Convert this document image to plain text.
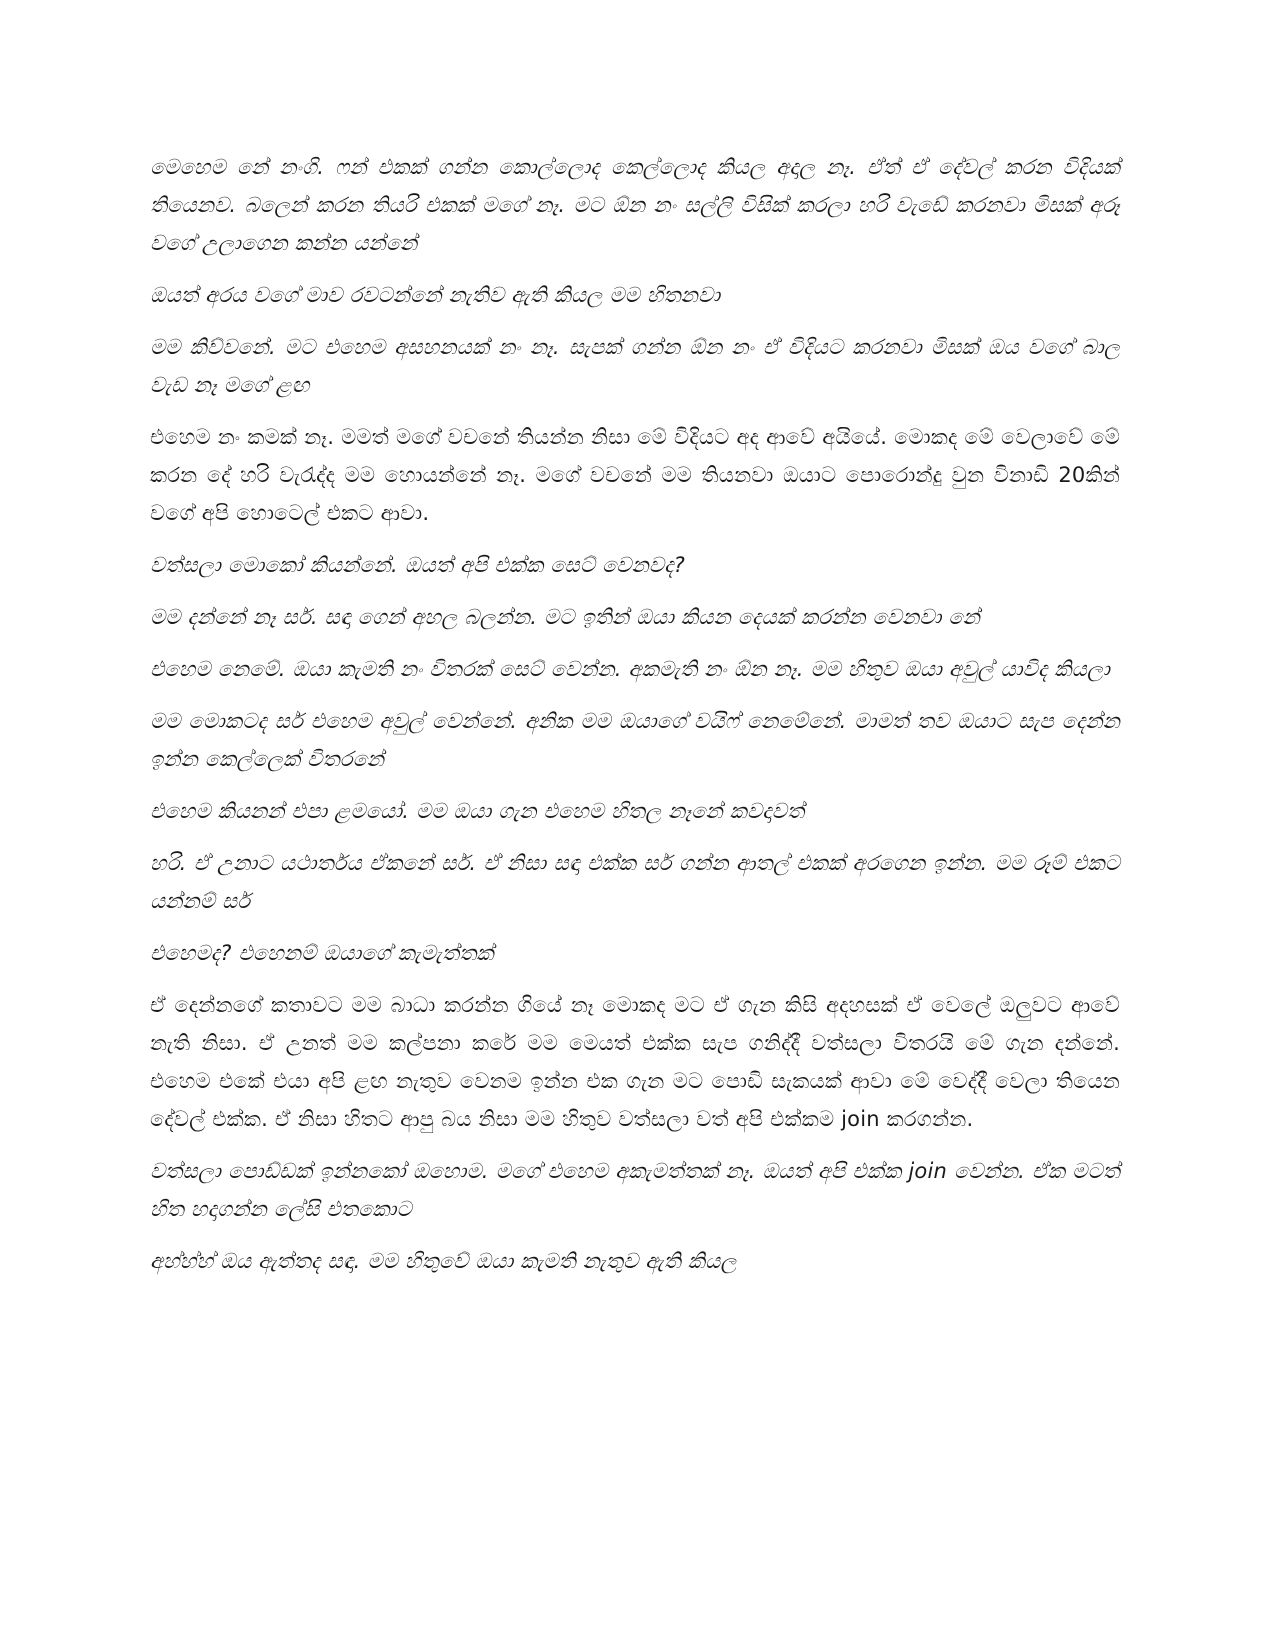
මෙහෙම නේ නංගි. ෆන් එකක් ගන්න කොල්ලොද කෙල්ලොද කියල අදාල නෑ. ඒත් ඒ දේවල් කරන විදියක් තියෙනව. බලෙන් කරන තියරි එකක් මගේ නෑ. මට ඕන නං සල්ලි විසික් කරලා හරි වැඩේ කරනවා මිසක් අරූ වගේ උලාගෙන කන්න යන්නේ

ඔයත් අරය වගේ මාව රවටන්නේ නැතිව ඇති කියල මම හිතනවා

මම කිව්වනේ. මට එහෙම අසහනයක් නං නෑ. සැපක් ගන්න ඕන නං ඒ විදියට කරනවා මිසක් ඔය වගේ බාල වැඩ නෑ මගේ ළඟ

එහෙම නං කමක් නෑ. මමත් මගේ වචනේ තියන්න නිසා මේ විදියට අද ආවේ අයියේ. මොකද මේ වෙලාවේ මේ කරන දේ හරි වැරැද්ද මම හොයන්නේ නෑ. මගේ වචනේ මම තියනවා ඔයාට පොරොන්දු වුන විනාඩි 20කින් වගේ අපි හොටෙල් එකට ආවා.

වත්සලා මොකෝ කියන්නේ. ඔයත් අපි එක්ක සෙට් වෙනවද?

මම දන්නේ නෑ සර්. සඳා ගෙන් අහල බලන්න. මට ඉතින් ඔයා කියන දෙයක් කරන්න වෙනවා නේ

එහෙම නෙමේ. ඔයා කැමති නං විතරක් සෙට් වෙන්න. අකමැති නං ඕන නෑ. මම හිතුව ඔයා අවුල් යාවිද කියලා

මම මොකටද සර් එහෙම අවුල් වෙන්නේ. අනික මම ඔයාගේ වයිෆ් නෙමේනේ. මාමත් තව ඔයාට සැප දෙන්න ඉන්න කෙල්ලෙක් විතරනේ

එහෙම කියනන් එපා ළමයෝ. මම ඔයා ගැන එහෙම හිතල නෑනේ කවදාවත්

හරි. ඒ උනාට යථාර්තය ඒකනේ සර්. ඒ නිසා සඳා එක්ක සර් ගන්න ආතල් එකක් අරගෙන ඉන්න. මම රූම් එකට යන්නම් සර්

එහෙමද? එහෙනම් ඔයාගේ කැමැත්තක්

ඒ දෙන්නගේ කතාවට මම බාධා කරන්න ගියේ නෑ මොකද මට ඒ ගැන කිසි අදහසක් ඒ වෙලේ ඔලුවට ආවේ නැති නිසා. ඒ උනත් මම කල්පනා කරේ මම මෙයත් එක්ක සැප ගනිද්දී වත්සලා විතරයි මේ ගැන දන්නේ. එහෙම එකේ එයා අපි ළඟ නැතුව වෙනම ඉන්න එක ගැන මට පොඩි සැකයක් ආවා මේ වෙද්දී වෙලා තියෙන දේවල් එක්ක. ඒ නිසා හිතට ආපු බය නිසා මම හිතුව වත්සලා වත් අපි එක්කම join කරගන්න.

වත්සලා පොඩ්ඩක් ඉන්නකෝ ඔහොම. මගේ එහෙම අකැමත්තක් නෑ. ඔයත් අපි එක්ක join වෙන්න. ඒක මටත් හිත හදාගන්න ලේසි එතකොට

අහ්හ්හ් ඔය ඇත්තද සඳා. මම හිතුවේ ඔයා කැමති නැතුව ඇති කියල
